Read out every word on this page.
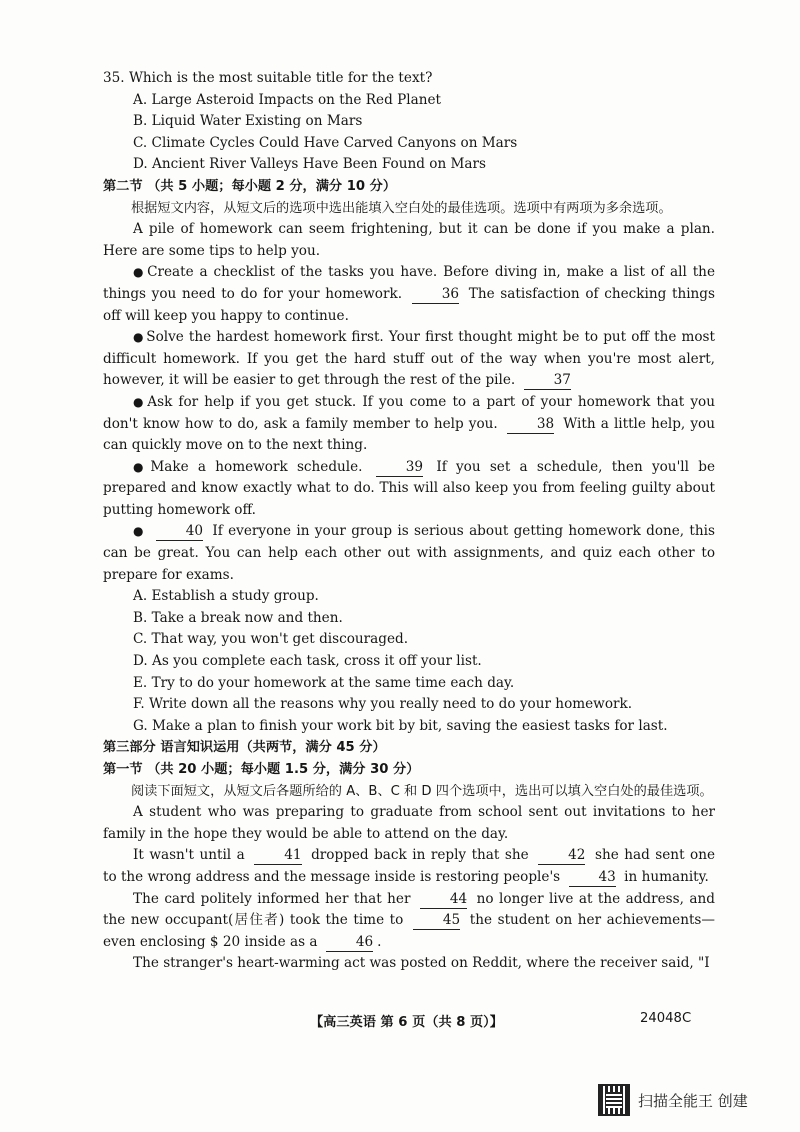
35. Which is the most suitable title for the text?

A. Large Asteroid Impacts on the Red Planet

B. Liquid Water Existing on Mars

C. Climate Cycles Could Have Carved Canyons on Mars

D. Ancient River Valleys Have Been Found on Mars

第二节 （共 5 小题；每小题 2 分，满分 10 分）

根据短文内容，从短文后的选项中选出能填入空白处的最佳选项。选项中有两项为多余选项。

A pile of homework can seem frightening, but it can be done if you make a plan. Here are some tips to help you.

● Create a checklist of the tasks you have. Before diving in, make a list of all the things you need to do for your homework.	36 The satisfaction of checking things off will keep you happy to continue.

● Solve the hardest homework first. Your first thought might be to put off the most difficult homework. If you get the hard stuff out of the way when you're most alert, however, it will be easier to get through the rest of the pile.	37

● Ask for help if you get stuck. If you come to a part of your homework that you don't know how to do, ask a family member to help you.	38 With a little help, you can quickly move on to the next thing.

● Make a homework schedule.	39 If you set a schedule, then you'll be prepared and know exactly what to do. This will also keep you from feeling guilty about putting homework off.

●	40 If everyone in your group is serious about getting homework done, this can be great. You can help each other out with assignments, and quiz each other to prepare for exams.

A. Establish a study group.

B. Take a break now and then.

C. That way, you won't get discouraged.

D. As you complete each task, cross it off your list.

E. Try to do your homework at the same time each day.

F. Write down all the reasons why you really need to do your homework.

G. Make a plan to finish your work bit by bit, saving the easiest tasks for last.

第三部分 语言知识运用（共两节，满分 45 分）

第一节 （共 20 小题；每小题 1.5 分，满分 30 分）

阅读下面短文，从短文后各题所给的 A、B、C 和 D 四个选项中，选出可以填入空白处的最佳选项。

A student who was preparing to graduate from school sent out invitations to her family in the hope they would be able to attend on the day.

It wasn't until a	41 dropped back in reply that she	42 she had sent one to the wrong address and the message inside is restoring people's	43 in humanity.

The card politely informed her that her	44 no longer live at the address, and the new occupant(居住者) took the time to	45 the student on her achievements—even enclosing $ 20 inside as a	46 .

The stranger's heart-warming act was posted on Reddit, where the receiver said, "I

【高三英语 第 6 页（共 8 页）】	24048C
扫描全能王 创建
